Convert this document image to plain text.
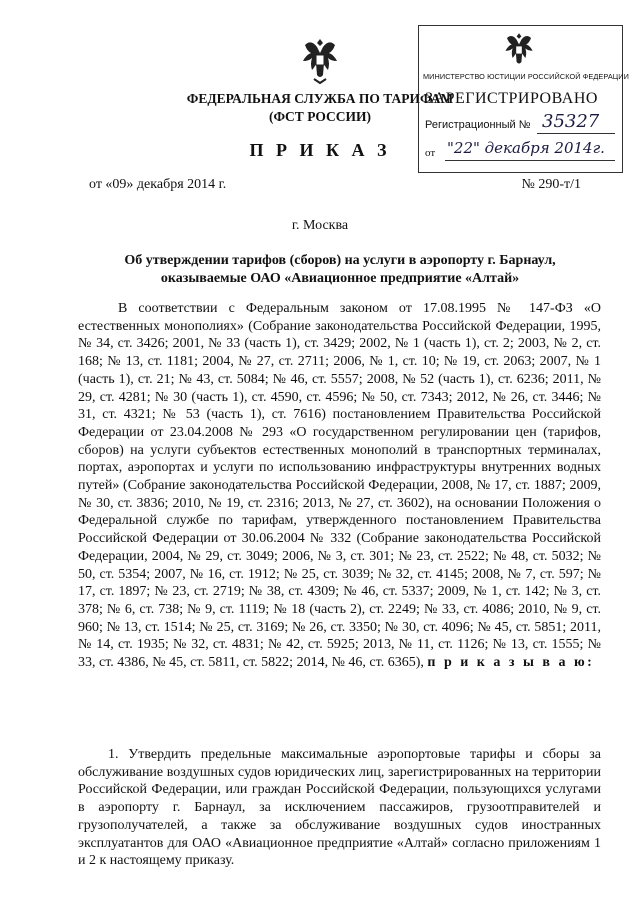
ФЕДЕРАЛЬНАЯ СЛУЖБА ПО ТАРИФАМ
(ФСТ РОССИИ)
МИНИСТЕРСТВО ЮСТИЦИИ РОССИЙСКОЙ ФЕДЕРАЦИИ
ЗАРЕГИСТРИРОВАНО
Регистрационный № 35327
от "22" декабря 2014г.
П Р И К А З
от «09» декабря 2014 г.	№ 290-т/1
г. Москва
Об утверждении тарифов (сборов) на услуги в аэропорту г. Барнаул, оказываемые ОАО «Авиационное предприятие «Алтай»

В соответствии с Федеральным законом от 17.08.1995 № 147-ФЗ «О естественных монополиях» (Собрание законодательства Российской Федерации, 1995, № 34, ст. 3426; 2001, № 33 (часть 1), ст. 3429; 2002, № 1 (часть 1), ст. 2; 2003, № 2, ст. 168; № 13, ст. 1181; 2004, № 27, ст. 2711; 2006, № 1, ст. 10; № 19, ст. 2063; 2007, № 1 (часть 1), ст. 21; № 43, ст. 5084; № 46, ст. 5557; 2008, № 52 (часть 1), ст. 6236; 2011, № 29, ст. 4281; № 30 (часть 1), ст. 4590, ст. 4596; № 50, ст. 7343; 2012, № 26, ст. 3446; № 31, ст. 4321; № 53 (часть 1), ст. 7616) постановлением Правительства Российской Федерации от 23.04.2008 № 293 «О государственном регулировании цен (тарифов, сборов) на услуги субъектов естественных монополий в транспортных терминалах, портах, аэропортах и услуги по использованию инфраструктуры внутренних водных путей» (Собрание законодательства Российской Федерации, 2008, № 17, ст. 1887; 2009, № 30, ст. 3836; 2010, № 19, ст. 2316; 2013, № 27, ст. 3602), на основании Положения о Федеральной службе по тарифам, утвержденного постановлением Правительства Российской Федерации от 30.06.2004 № 332 (Собрание законодательства Российской Федерации, 2004, № 29, ст. 3049; 2006, № 3, ст. 301; № 23, ст. 2522; № 48, ст. 5032; № 50, ст. 5354; 2007, № 16, ст. 1912; № 25, ст. 3039; № 32, ст. 4145; 2008, № 7, ст. 597; № 17, ст. 1897; № 23, ст. 2719; № 38, ст. 4309; № 46, ст. 5337; 2009, № 1, ст. 142; № 3, ст. 378; № 6, ст. 738; № 9, ст. 1119; № 18 (часть 2), ст. 2249; № 33, ст. 4086; 2010, № 9, ст. 960; № 13, ст. 1514; № 25, ст. 3169; № 26, ст. 3350; № 30, ст. 4096; № 45, ст. 5851; 2011, № 14, ст. 1935; № 32, ст. 4831; № 42, ст. 5925; 2013, № 11, ст. 1126; № 13, ст. 1555; № 33, ст. 4386, № 45, ст. 5811, ст. 5822; 2014, № 46, ст. 6365), п р и к а з ы в а ю:

1. Утвердить предельные максимальные аэропортовые тарифы и сборы за обслуживание воздушных судов юридических лиц, зарегистрированных на территории Российской Федерации, или граждан Российской Федерации, пользующихся услугами в аэропорту г. Барнаул, за исключением пассажиров, грузоотправителей и грузополучателей, а также за обслуживание воздушных судов иностранных эксплуатантов для ОАО «Авиационное предприятие «Алтай» согласно приложениям 1 и 2 к настоящему приказу.
